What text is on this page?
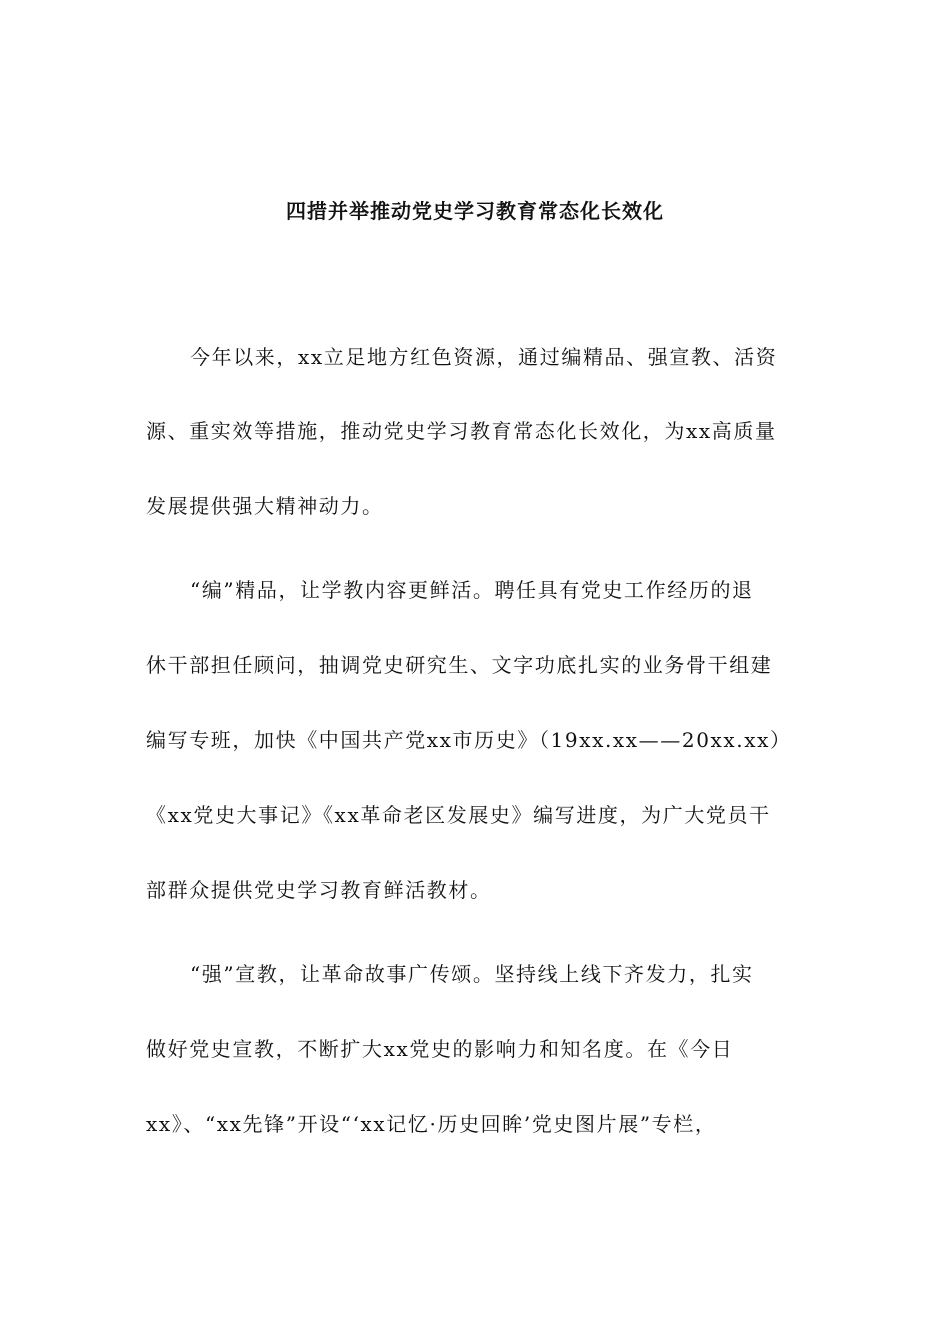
四措并举推动党史学习教育常态化长效化
今年以来，xx立足地方红色资源，通过编精品、强宣教、活资
源、重实效等措施，推动党史学习教育常态化长效化，为xx高质量
发展提供强大精神动力。
“编”精品，让学教内容更鲜活。聘任具有党史工作经历的退
休干部担任顾问，抽调党史研究生、文字功底扎实的业务骨干组建
编写专班，加快《中国共产党xx市历史》（19xx.xx——20xx.xx）
《xx党史大事记》《xx革命老区发展史》编写进度，为广大党员干
部群众提供党史学习教育鲜活教材。
“强”宣教，让革命故事广传颂。坚持线上线下齐发力，扎实
做好党史宣教，不断扩大xx党史的影响力和知名度。在《今日
xx》、“xx先锋”开设“‘xx记忆·历史回眸’党史图片展”专栏，
